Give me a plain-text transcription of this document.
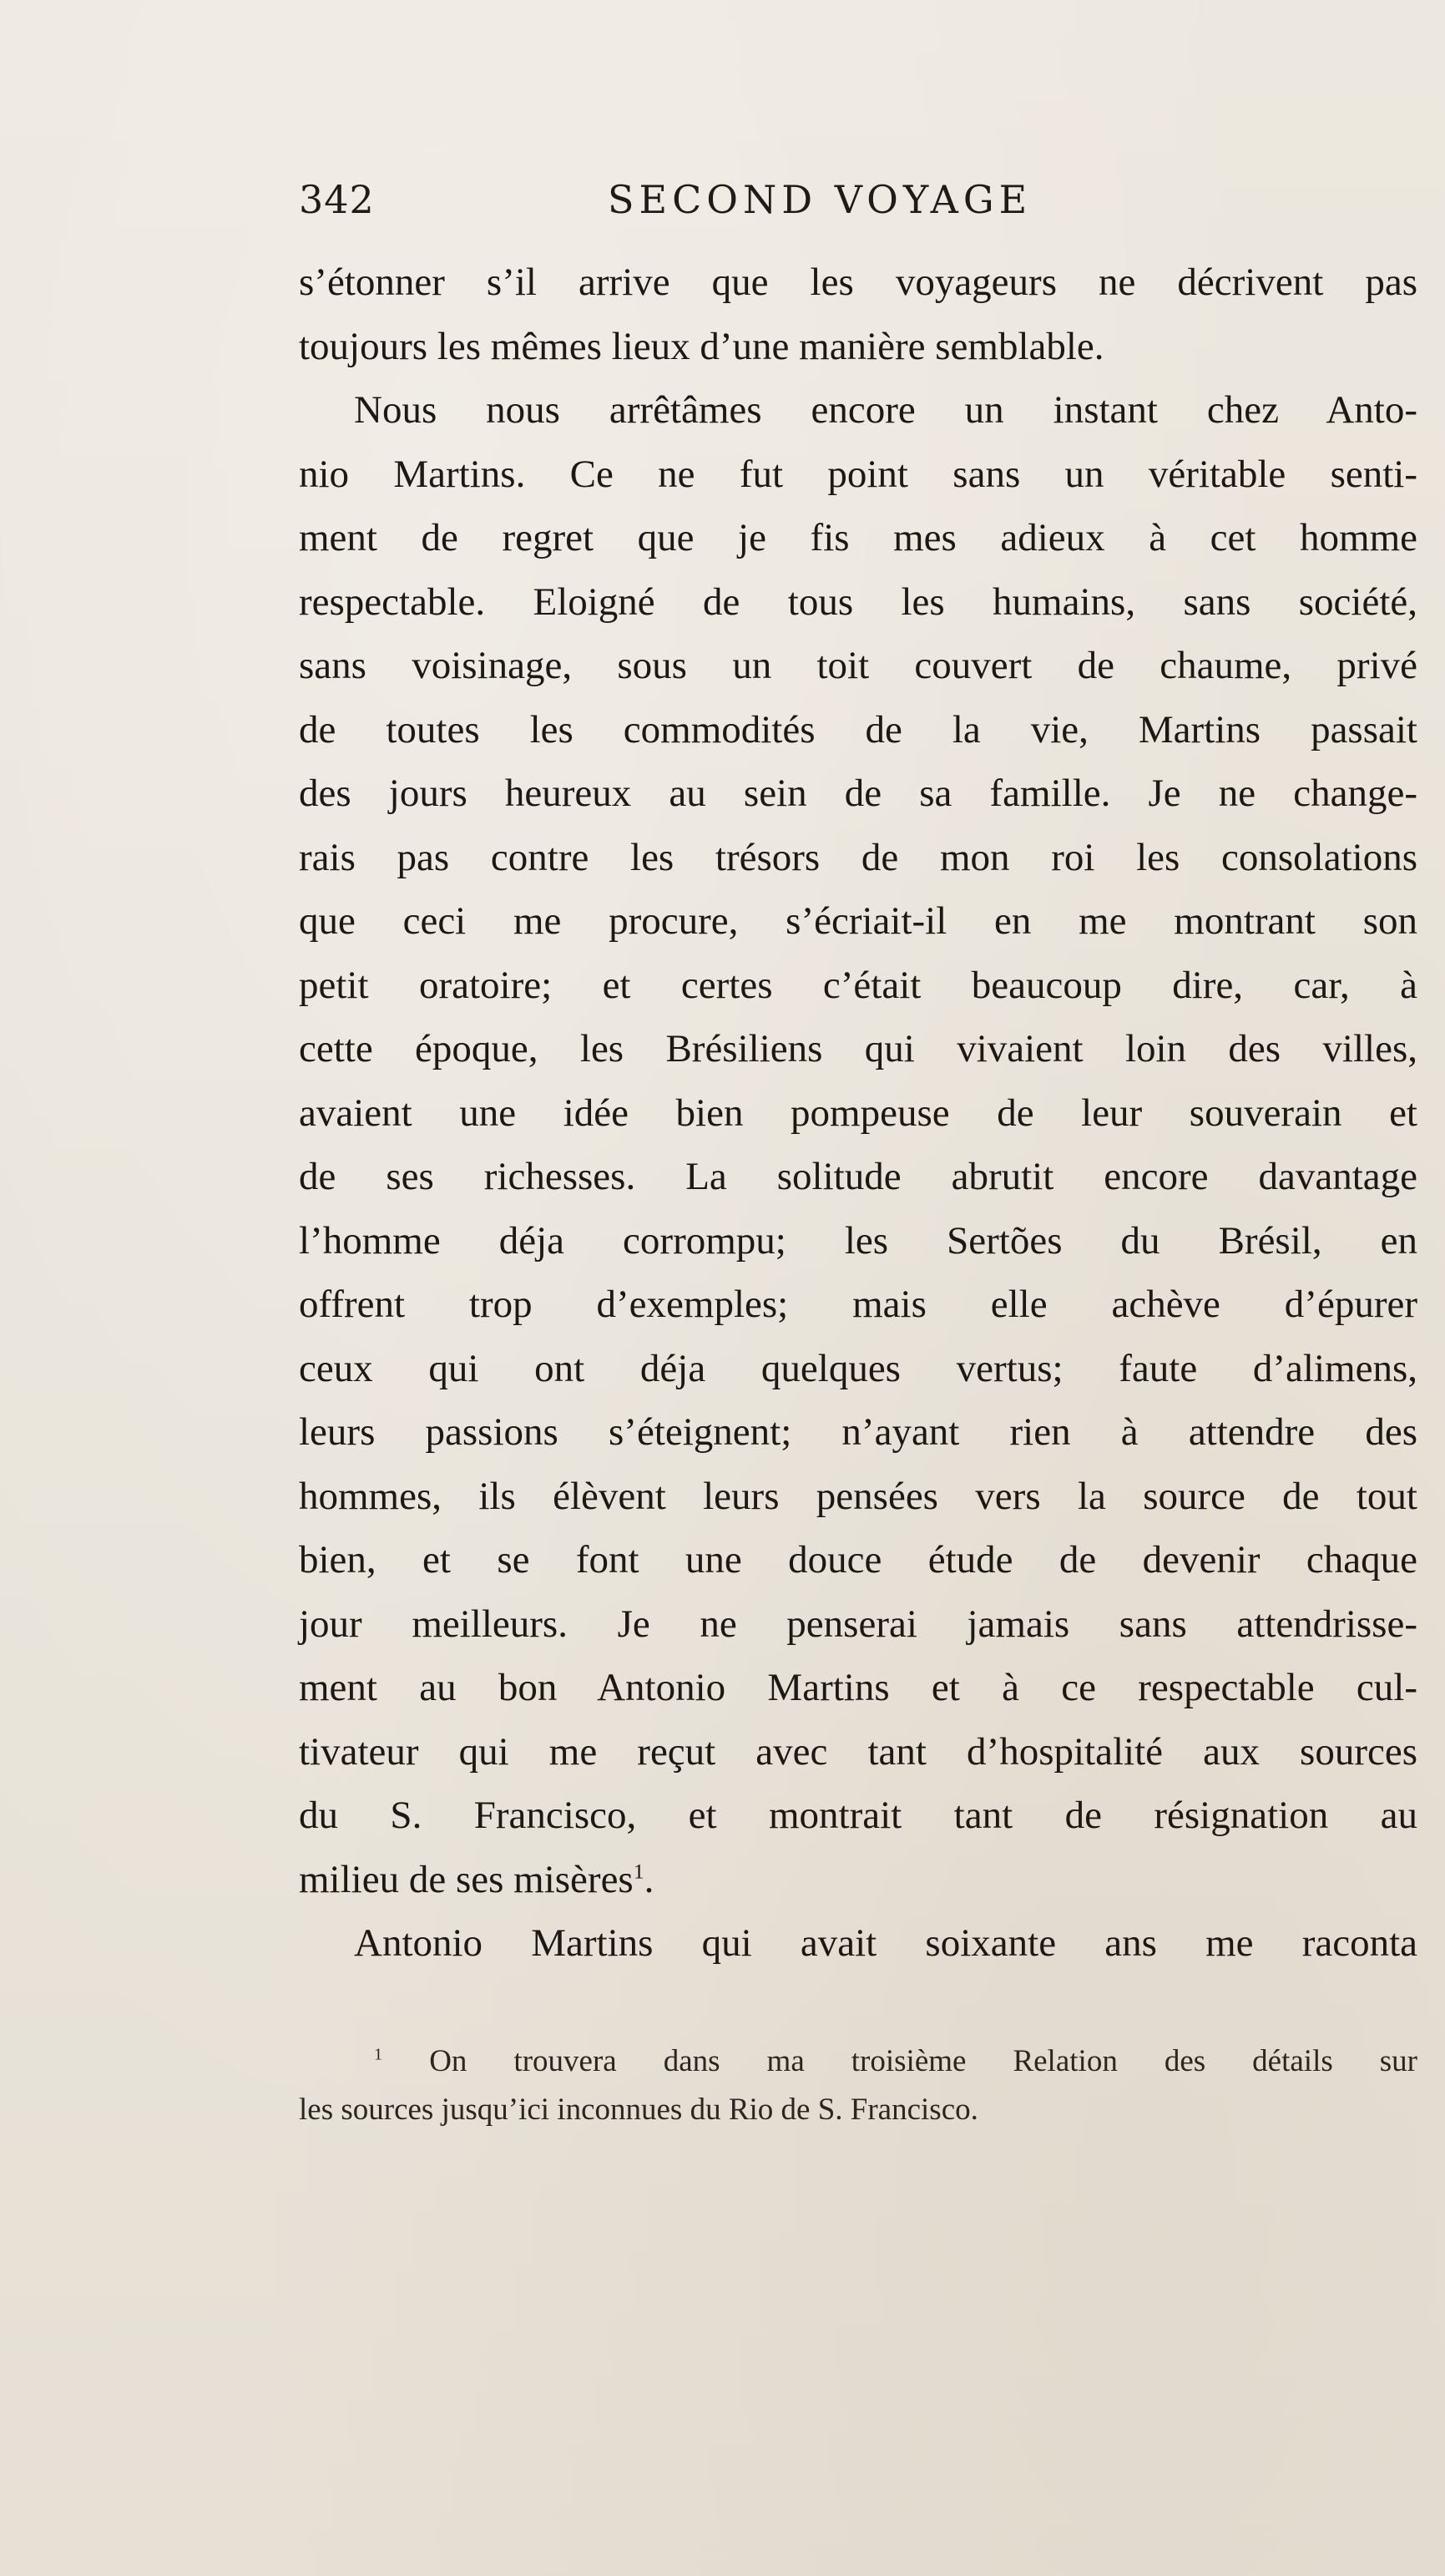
342	SECOND VOYAGE
s’étonner s’il arrive que les voyageurs ne décrivent pas
toujours les mêmes lieux d’une manière semblable.
Nous nous arrêtâmes encore un instant chez Anto-
nio Martins. Ce ne fut point sans un véritable senti-
ment de regret que je fis mes adieux à cet homme
respectable. Eloigné de tous les humains, sans société,
sans voisinage, sous un toit couvert de chaume, privé
de toutes les commodités de la vie, Martins passait
des jours heureux au sein de sa famille. Je ne change-
rais pas contre les trésors de mon roi les consolations
que ceci me procure, s’écriait-il en me montrant son
petit oratoire; et certes c’était beaucoup dire, car, à
cette époque, les Brésiliens qui vivaient loin des villes,
avaient une idée bien pompeuse de leur souverain et
de ses richesses. La solitude abrutit encore davantage
l’homme déja corrompu; les Sertões du Brésil, en
offrent trop d’exemples; mais elle achève d’épurer
ceux qui ont déja quelques vertus; faute d’alimens,
leurs passions s’éteignent; n’ayant rien à attendre des
hommes, ils élèvent leurs pensées vers la source de tout
bien, et se font une douce étude de devenir chaque
jour meilleurs. Je ne penserai jamais sans attendrisse-
ment au bon Antonio Martins et à ce respectable cul-
tivateur qui me reçut avec tant d’hospitalité aux sources
du S. Francisco, et montrait tant de résignation au
milieu de ses misères$^1$.
Antonio Martins qui avait soixante ans me raconta
$^1$ On trouvera dans ma troisième Relation des détails sur
les sources jusqu’ici inconnues du Rio de S. Francisco.
